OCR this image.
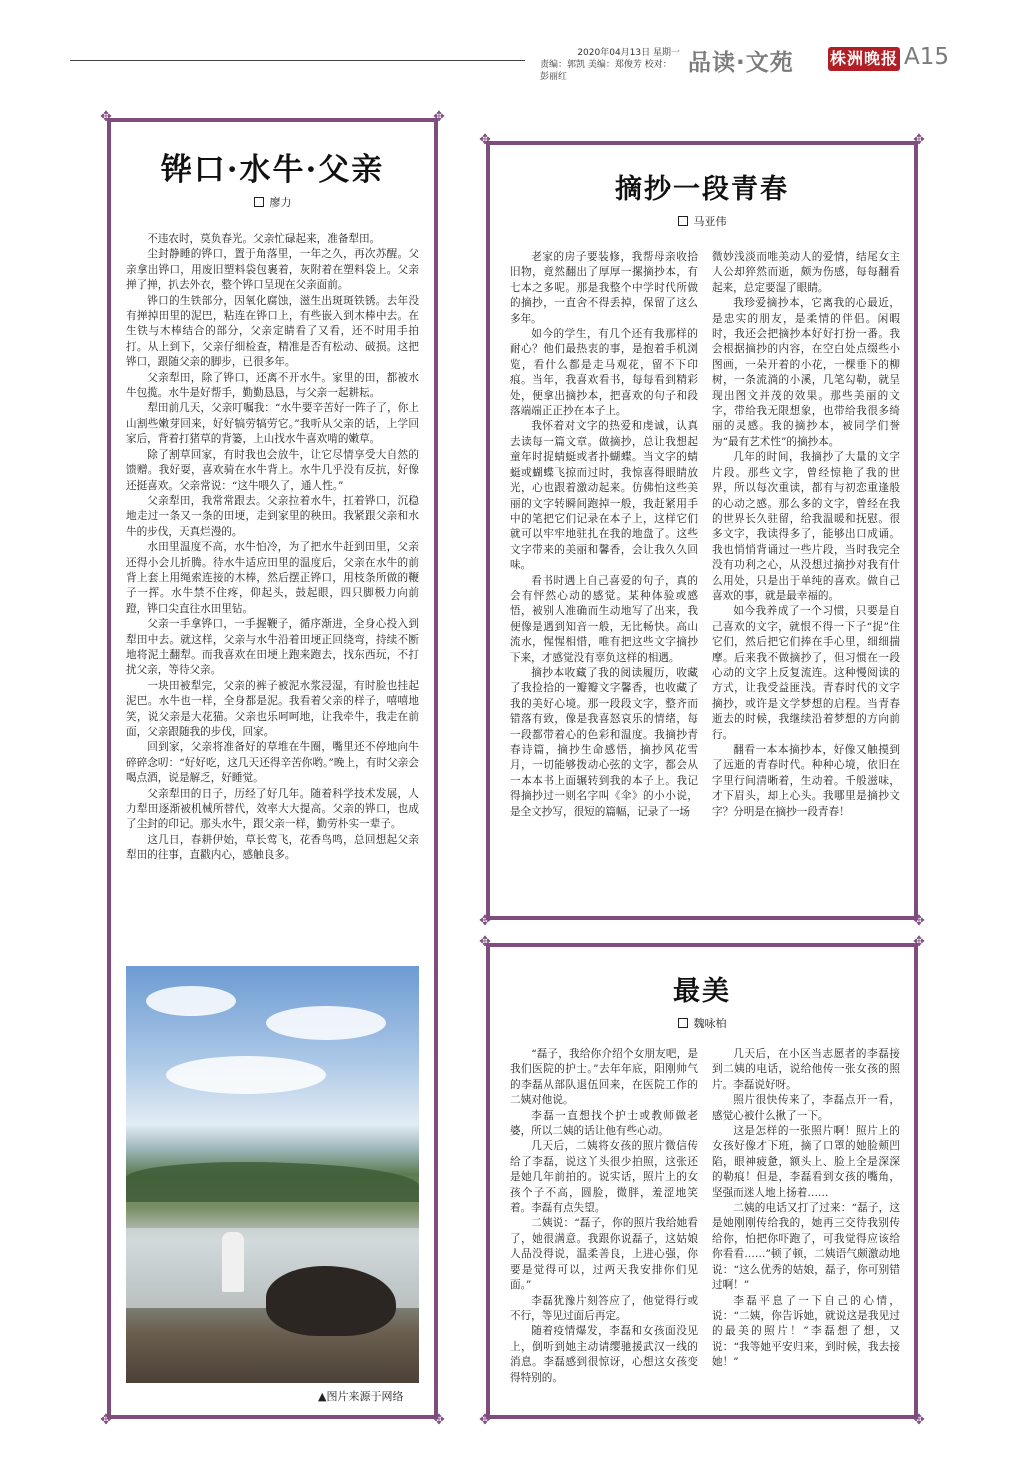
2020年04月13日 星期一
责编：郭凯 美编：郑俊芳 校对：彭丽红
品读·文苑 株洲晚报 A15
铧口·水牛·父亲
廖力

不违农时，莫负春光。父亲忙碌起来，准备犁田。

尘封静睡的铧口，置于角落里，一年之久，再次苏醒。父亲拿出铧口，用废旧塑料袋包裹着，灰附着在塑料袋上。父亲掸了掸，扒去外衣，整个铧口呈现在父亲面前。

铧口的生铁部分，因氧化腐蚀，滋生出斑斑铁锈。去年没有掸掉田里的泥巴，粘连在铧口上，有些嵌入到木棒中去。在生铁与木棒结合的部分，父亲定睛看了又看，还不时用手拍打。从上到下，父亲仔细检查，精准是否有松动、破损。这把铧口，跟随父亲的脚步，已很多年。

父亲犁田，除了铧口，还离不开水牛。家里的田，都被水牛包揽。水牛是好帮手，勤勤恳恳，与父亲一起耕耘。

犁田前几天，父亲叮嘱我：“水牛要辛苦好一阵子了，你上山割些嫩芽回来，好好犒劳犒劳它。”我听从父亲的话，上学回家后，背着打猪草的背篓，上山找水牛喜欢啃的嫩草。

除了割草回家，有时我也会放牛，让它尽情享受大自然的馈赠。我好耍，喜欢骑在水牛背上。水牛几乎没有反抗，好像还挺喜欢。父亲常说：“这牛喂久了，通人性。”

父亲犁田，我常常跟去。父亲拉着水牛，扛着铧口，沉稳地走过一条又一条的田埂，走到家里的秧田。我紧跟父亲和水牛的步伐，天真烂漫的。

水田里温度不高，水牛怕冷，为了把水牛赶到田里，父亲还得小会儿折腾。待水牛适应田里的温度后，父亲在水牛的前背上套上用绳索连接的木棒，然后摆正铧口，用枝条所做的鞭子一挥。水牛禁不住疼，仰起头，鼓起眼，四只脚极力向前蹬，铧口尖直往水田里钻。

父亲一手拿铧口，一手握鞭子，循序渐进，全身心投入到犁田中去。就这样，父亲与水牛沿着田埂正回绕弯，持续不断地将泥土翻犁。而我喜欢在田埂上跑来跑去，找东西玩，不打扰父亲，等待父亲。

一块田被犁完，父亲的裤子被泥水浆浸湿，有时脸也挂起泥巴。水牛也一样，全身都是泥。我看着父亲的样子，嘻嘻地笑，说父亲是大花猫。父亲也乐呵呵地，让我牵牛，我走在前面，父亲跟随我的步伐，回家。

回到家，父亲将准备好的草堆在牛圈，嘴里还不停地向牛碎碎念叨：“好好吃，这几天还得辛苦你哟。”晚上，有时父亲会喝点酒，说是解乏，好睡觉。

父亲犁田的日子，历经了好几年。随着科学技术发展，人力犁田逐渐被机械所替代，效率大大提高。父亲的铧口，也成了尘封的印记。那头水牛，跟父亲一样，勤劳朴实一辈子。

这几日，春耕伊始，草长莺飞，花香鸟鸣，总回想起父亲犁田的往事，直戳内心，感触良多。

✥	✥
✥	✥
▲图片来源于网络
摘抄一段青春
马亚伟

老家的房子要装修，我帮母亲收拾旧物，竟然翻出了厚厚一摞摘抄本，有七本之多呢。那是我整个中学时代所做的摘抄，一直舍不得丢掉，保留了这么多年。

如今的学生，有几个还有我那样的耐心？他们最热衷的事，是抱着手机浏览，看什么都是走马观花，留不下印痕。当年，我喜欢看书，每每看到精彩处，便拿出摘抄本，把喜欢的句子和段落端端正正抄在本子上。

我怀着对文字的热爱和虔诚，认真去读每一篇文章。做摘抄，总让我想起童年时捉蜻蜓或者扑蝴蝶。当文字的蜻蜓或蝴蝶飞掠而过时，我惊喜得眼睛放光，心也跟着激动起来。仿佛怕这些美丽的文字转瞬间跑掉一般，我赶紧用手中的笔把它们记录在本子上，这样它们就可以牢牢地驻扎在我的地盘了。这些文字带来的美丽和馨香，会让我久久回味。

看书时遇上自己喜爱的句子，真的会有怦然心动的感觉。某种体验或感悟，被别人准确而生动地写了出来，我便像是遇到知音一般，无比畅快。高山流水，惺惺相惜，唯有把这些文字摘抄下来，才感觉没有辜负这样的相遇。

摘抄本收藏了我的阅读履历，收藏了我捡拾的一瓣瓣文字馨香，也收藏了我的美好心境。那一段段文字，整齐而错落有致，像是我喜怒哀乐的情绪，每一段都带着心的色彩和温度。我摘抄青春诗篇，摘抄生命感悟，摘抄风花雪月，一切能够拨动心弦的文字，都会从一本本书上面辗转到我的本子上。我记得摘抄过一则名字叫《伞》的小小说，是全文抄写，很短的篇幅，记录了一场

微妙浅淡而唯美动人的爱情，结尾女主人公却猝然而逝，颇为伤感，每每翻看起来，总定要湿了眼睛。

我珍爱摘抄本，它离我的心最近，是忠实的朋友，是柔情的伴侣。闲暇时，我还会把摘抄本好好打扮一番。我会根据摘抄的内容，在空白处点缀些小图画，一朵开着的小花，一棵垂下的柳树，一条流淌的小溪，几笔勾勒，就呈现出图文并茂的效果。那些美丽的文字，带给我无限想象，也带给我很多绮丽的灵感。我的摘抄本，被同学们誉为“最有艺术性”的摘抄本。

几年的时间，我摘抄了大量的文字片段。那些文字，曾经惊艳了我的世界，所以每次重读，都有与初恋重逢般的心动之感。那么多的文字，曾经在我的世界长久驻留，给我温暖和抚慰。很多文字，我读得多了，能够出口成诵。我也悄悄背诵过一些片段，当时我完全没有功利之心，从没想过摘抄对我有什么用处，只是出于单纯的喜欢。做自己喜欢的事，就是最幸福的。

如今我养成了一个习惯，只要是自己喜欢的文字，就恨不得一下子“捉”住它们，然后把它们捧在手心里，细细揣摩。后来我不做摘抄了，但习惯在一段心动的文字上反复流连。这种慢阅读的方式，让我受益匪浅。青春时代的文字摘抄，或许是文学梦想的启程。当青春逝去的时候，我继续沿着梦想的方向前行。

翻看一本本摘抄本，好像又触摸到了远逝的青春时代。种种心境，依旧在字里行间清晰着，生动着。千般滋味，才下眉头，却上心头。我哪里是摘抄文字？分明是在摘抄一段青春！

✥	✥
✥	✥
最美
魏咏柏

“磊子，我给你介绍个女朋友吧，是我们医院的护士。”去年年底，阳刚帅气的李磊从部队退伍回来，在医院工作的二姨对他说。

李磊一直想找个护士或教师做老婆，所以二姨的话让他有些心动。

几天后，二姨将女孩的照片微信传给了李磊，说这丫头很少拍照，这张还是她几年前拍的。说实话，照片上的女孩个子不高，圆脸，微胖，羞涩地笑着。李磊有点失望。

二姨说：“磊子，你的照片我给她看了，她很满意。我跟你说磊子，这姑娘人品没得说，温柔善良，上进心强，你要是觉得可以，过两天我安排你们见面。”

李磊犹豫片刻答应了，他觉得行或不行，等见过面后再定。

随着疫情爆发，李磊和女孩面没见上，倒听到她主动请缨驰援武汉一线的消息。李磊感到很惊讶，心想这女孩变得特别的。

几天后，在小区当志愿者的李磊接到二姨的电话，说给他传一张女孩的照片。李磊说好呀。

照片很快传来了，李磊点开一看，感觉心被什么揪了一下。

这是怎样的一张照片啊！照片上的女孩好像才下班，摘了口罩的她脸颊凹陷，眼神疲惫，额头上、脸上全是深深的勒痕！但是，李磊看到女孩的嘴角，坚强而迷人地上扬着……

二姨的电话又打了过来：“磊子，这是她刚刚传给我的，她再三交待我别传给你，怕把你吓跑了，可我觉得应该给你看看……”顿了顿，二姨语气颇激动地说：“这么优秀的姑娘，磊子，你可别错过啊！”

李磊平息了一下自己的心情，说：“二姨，你告诉她，就说这是我见过的最美的照片！”李磊想了想，又说：“我等她平安归来，到时候，我去接她！”

✥	✥
✥	✥
